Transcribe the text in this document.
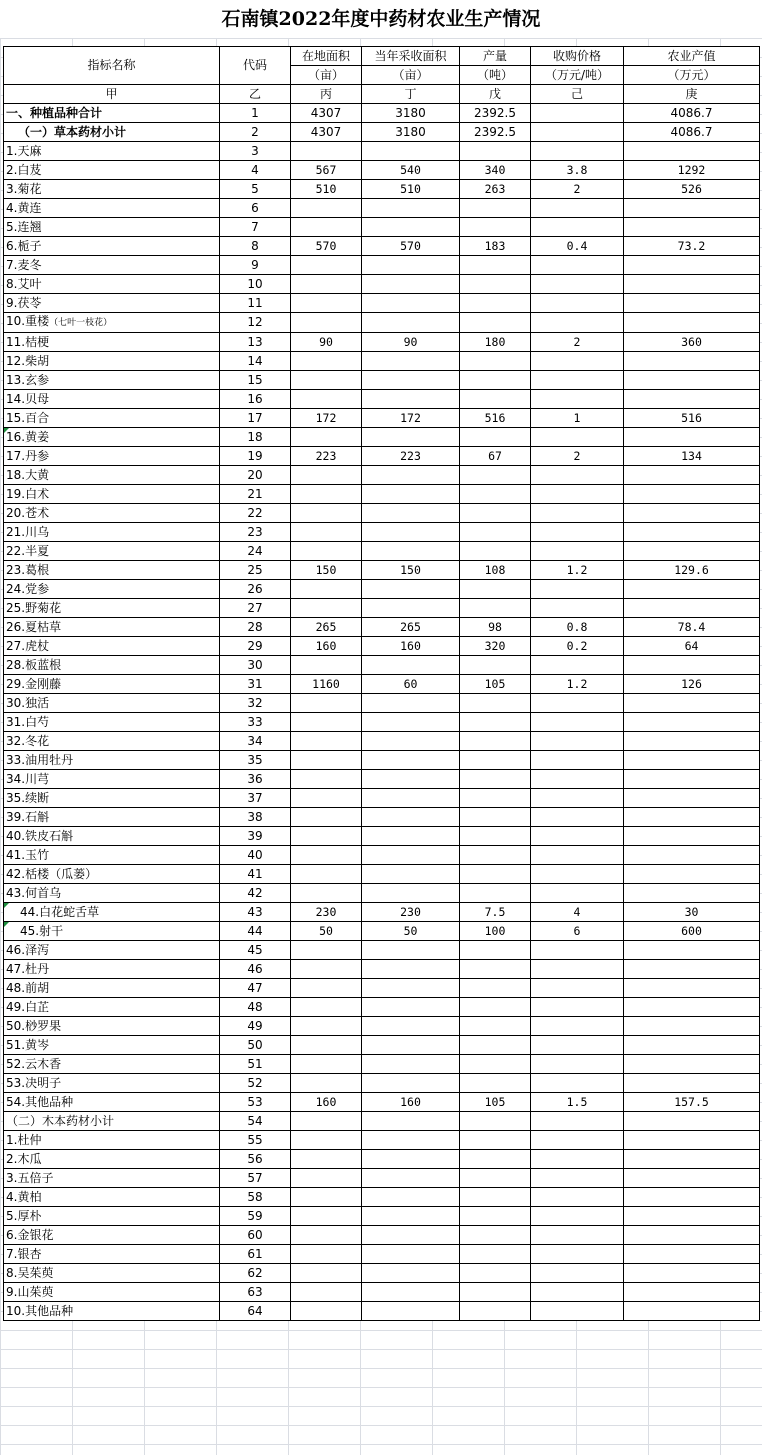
石南镇2022年度中药材农业生产情况
指标名称	代码	在地面积	当年采收面积	产量	收购价格	农业产值
		（亩）	（亩）	（吨）	（万元/吨）	（万元）
甲	乙	丙	丁	戊	己	庚
一、种植品种合计	1	4307	3180	2392.5		4086.7
（一）草本药材小计	2	4307	3180	2392.5		4086.7
1.天麻	3					
2.白芨	4	567	540	340	3.8	1292
3.菊花	5	510	510	263	2	526
4.黄连	6					
5.连翘	7					
6.栀子	8	570	570	183	0.4	73.2
7.麦冬	9					
8.艾叶	10					
9.茯苓	11					
10.重楼（七叶一枝花）	12					
11.桔梗	13	90	90	180	2	360
12.柴胡	14					
13.玄参	15					
14.贝母	16					
15.百合	17	172	172	516	1	516
16.黄姜	18					
17.丹参	19	223	223	67	2	134
18.大黄	20					
19.白术	21					
20.苍术	22					
21.川乌	23					
22.半夏	24					
23.葛根	25	150	150	108	1.2	129.6
24.党参	26					
25.野菊花	27					
26.夏枯草	28	265	265	98	0.8	78.4
27.虎杖	29	160	160	320	0.2	64
28.板蓝根	30					
29.金刚藤	31	1160	60	105	1.2	126
30.独活	32					
31.白芍	33					
32.冬花	34					
33.油用牡丹	35					
34.川芎	36					
35.续断	37					
39.石斛	38					
40.铁皮石斛	39					
41.玉竹	40					
42.栝楼（瓜蒌）	41					
43.何首乌	42					
44.白花蛇舌草	43	230	230	7.5	4	30
45.射干	44	50	50	100	6	600
46.泽泻	45					
47.杜丹	46					
48.前胡	47					
49.白芷	48					
50.桫罗果	49					
51.黄岑	50					
52.云木香	51					
53.决明子	52					
54.其他品种	53	160	160	105	1.5	157.5
（二）木本药材小计	54					
1.杜仲	55					
2.木瓜	56					
3.五倍子	57					
4.黄柏	58					
5.厚朴	59					
6.金银花	60					
7.银杏	61					
8.吴茱萸	62					
9.山茱萸	63					
10.其他品种	64					
